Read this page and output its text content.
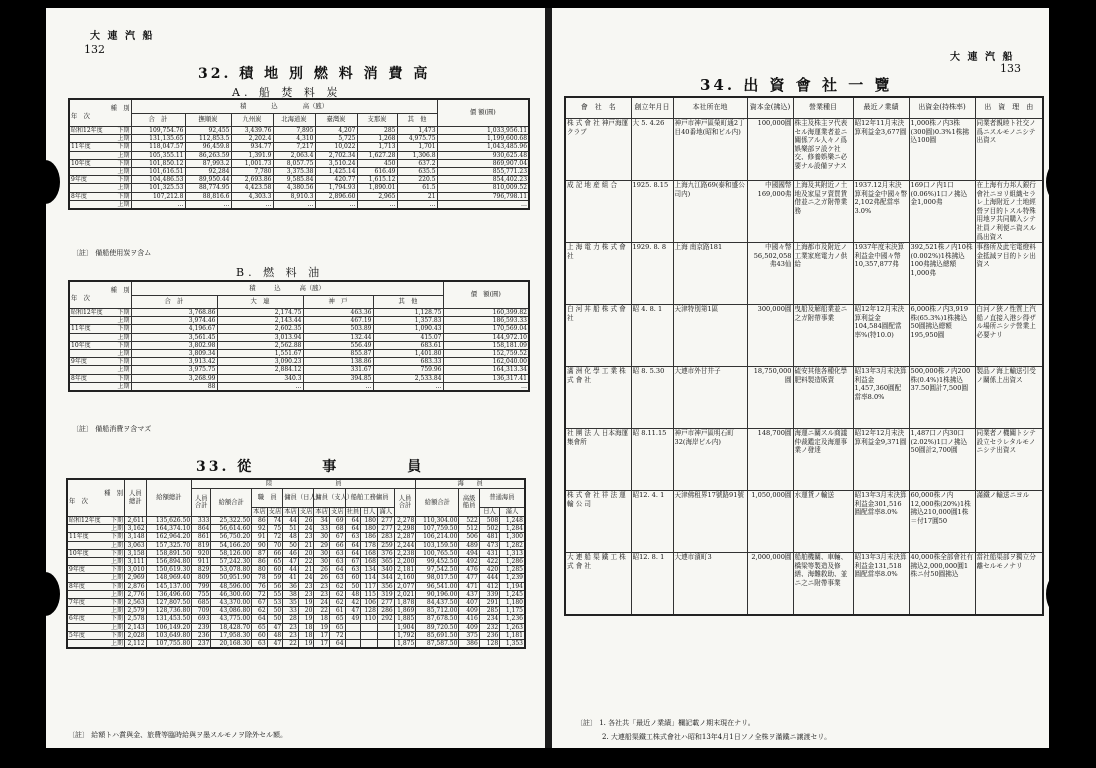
大 連 汽 船
132
32. 積 地 別 燃 料 消 費 高
A. 船 焚 料 炭
種　別
年　次	積　　　　込　　　　高（瓲）							價 額(圓)
	合　計	撫順炭	九州炭	北海道炭	臺灣炭	支那炭	其　他	
昭和12年度 下期	109,754.76	92,455	3,439.76	7,895	4,207	285	1,473	1,033,956.11

上期	131,135.65	112,853.5	2,202.4	4,310	5,725	1,268	4,975.75	1,199,600.68
11年度 下期	118,047.57	96,459.8	934.77	7,217	10,022	1,713	1,701	1,043,485.96

上期	105,355.11	86,263.59	1,391.9	2,063.4	2,702.34	1,627.28	1,306.8	930,625.48
10年度 下期	101,850.12	87,993.2	1,001.73	8,057.75	3,510.24	450	637.2	869,907.04

上期	101,616.51	92,284	7,780	3,375.38	1,425.14	616.49	635.5	855,771.23
9年度 下期	104,486.53	89,950.44	2,693.86	9,585.84	420.77	1,615.12	220.5	854,402.23

上期	101,325.53	88,774.95	4,423.58	4,380.56	1,794.93	1,890.01	61.5	810,009.52
8年度 下期	107,212.8	88,816.6	4,303.3	8,910.3	2,896.60	2,965	21	796,798.11

上期	…	…	…	…	…	…	…	…
〔註〕 備船使用炭ヲ含ム
B. 燃 料 油
種　別
年　次	積　　　込　　　高（瓲）				價　額(圓)
	合　計	大　連	神　戸	其　他	
昭和12年度 下期	3,768.86	2,174.75	463.36	1,128.75	160,399.82

上期	3,974.46	2,143.44	467.19	1,357.83	186,593.33
11年度 下期	4,196.67	2,602.35	503.89	1,090.43	170,569.04

上期	3,561.45	3,013.94	132.44	415.07	144,972.10
10年度 下期	3,802.98	2,562.88	556.49	683.61	158,181.09

上期	3,809.34	1,551.67	855.87	1,401.80	152,759.52
9年度 下期	3,913.42	3,090.23	138.86	683.33	162,040.00

上期	3,975.75	2,884.12	331.67	759.96	164,313.34
8年度 下期	3,268.99	340.3	394.85	2,533.84	136,317.41

上期	88	…	…	…	…
〔註〕 備船消費ヲ含マズ
33. 從　　　　事　　　　員
種　別
年　次	人員總計	給額總計	陸　　　　　　　　　　員												海　　員			
			人員合計	給額合計	職　員		傭員（日人）		傭員（支人）		船舶工務傭員			人員合計	給額合計	高級船員	普通海員	
					本店	支店	本店	支店	本店	支店	社員	日人	滿人				日人	滿人
昭和12年度 下期	2,611	135,626.50	333	25,322.50	86	74	44	26	34	69	64	180	277	2,278	110,304.00	522	508	1,248

上期	3,162	164,374.10	864	56,614.60	92	75	51	24	33	68	64	180	277	2,298	107,759.50	512	502	1,284
11年度 下期	3,148	162,964.20	861	56,750.20	91	72	48	23	30	67	63	186	283	2,287	106,214.00	506	481	1,300

上期	3,063	157,325.70	819	54,166.20	90	70	50	21	29	66	64	178	259	2,244	103,159.50	489	473	1,282
10年度 下期	3,158	158,891.50	920	58,126.00	87	66	46	20	30	63	64	168	376	2,238	100,765.50	494	431	1,313

上期	3,111	156,894.80	911	57,242.30	86	65	47	22	30	63	67	168	365	2,200	99,452.50	492	422	1,286
9年度 下期	3,010	150,619.30	829	53,078.80	80	60	44	21	26	64	63	134	340	2,181	97,542.50	476	420	1,285

上期	2,969	148,969.40	809	50,951.90	78	59	41	24	26	63	60	114	344	2,160	98,017.50	477	444	1,239
8年度 下期	2,876	145,137.00	799	48,596.00	76	56	36	23	23	62	50	117	356	2,077	96,541.00	471	412	1,194

上期	2,776	136,496.60	755	46,300.60	72	55	38	23	23	62	48	115	319	2,021	90,196.00	437	339	1,245
7年度 下期	2,563	127,807.50	685	43,370.00	67	53	35	19	24	62	42	106	277	1,878	84,437.50	407	291	1,180

上期	2,579	128,736.80	709	43,086.80	62	50	33	20	22	61	47	128	286	1,869	85,712.00	409	285	1,175
6年度 下期	2,578	131,453.50	693	43,775.00	64	50	28	19	18	65	49	110	292	1,885	87,678.50	416	234	1,236

上期	2,143	106,149.20	239	18,428.70	65	47	23	18	19	65				1,904	89,720.50	409	232	1,263
5年度 下期	2,028	103,649.80	236	17,958.30	60	48	23	18	17	72				1,792	85,691.50	375	236	1,181

上期	2,112	107,755.80	237	20,168.30	63	47	22	19	17	64				1,875	87,587.50	386	128	1,353
〔註〕 給額トハ賞與金、旅費等臨時給與ヲ墨スルモノヲ除外セル額。
大 連 汽 船
133
34. 出 資 會 社 一 覽
會　社　名	創立年月日	本社所在地	資本金(拂込)	營業種目	最近ノ業績	出資金(持株率)	出　資　理　由
株 式 會 社 神戸海運クラブ	大 5. 4.26	神戸市神戸區榮町通2丁目40番地(昭和ビル内)	100,000圓	株主及株主ヲ代表セル海運業者並ニ關係アル人々ノ爲娯樂部ヲ設ケ社交、修養娯樂ニ必要ナル設備ヲナス	昭12年11月末決算利益金3,677圓	1,000株ノ内3株(300圓)0.3%1株拂込100圓	同業者親睦ト社交ノ爲ニスルモノニシテ出資ス
成 記 地 産 組 合	1925. 8.15	上海九江路69(泰和盛公司内)	中國國幣169,000弗	上海及其附近ノ土地及家屋ヲ賣買賃借並ニ之ガ附帶業務	1937.12月末決算利益金中國々幣2,102弗配當率3.0%	169口ノ内1口(0.06%)1口ノ拂込金1,000弗	在上海有力邦人銀行會社ニヨリ組織セラレ上海附近ノ土地經營ヲ目的トスル特殊用地ヲ共同購入シテ社員ノ利便ニ資スル爲出資ス
上 海 電 力 株 式 會 社	1929. 8. 8	上海 南京路181	中國々幣56,502,058弗43仙	上海都市及附近ノ工業家庭電力ノ供給	1937年度末決算利益金中國々幣10,357,877弗	392,521株ノ内10株(0.002%)1株拂込100弗拂込總額1,000弗	事務所及此宅電燈料金抵減ヲ目的トシ出資ス
白 河 丼 船 株 式 會 社	昭 4. 8. 1	天津特別第1區	300,000圓	曳船及解船業並ニ之ガ附帶事業	昭12年12月末決算利益金104,584圓配當率%(特10.0)	6,000株ノ内3,919株(65.3%)1株拂込50圓拂込總額195,950圓	白河ノ狹ノ性質上汽船ノ直接入港シ得ザル場所ニシテ營業上必要ナリ
滿 洲 化 學 工 業 株 式 會 社	昭 8. 5.30	大連市外甘井子	18,750,000圓	硫安其他各種化學肥料製造販賣	昭13年3月末決算利益金1,457,360圓配當率8.0%	500,000株ノ内200株(0.4%)1株拂込37.50圓計7,500圓	製品ノ海上輸送引受ノ關係上出資ス
社 團 法 人 日本海運集會所	昭 8.11.15	神戸市神戸區明石町32(海岸ビル内)	148,700圓	海運ニ關スル商議仲裁鑑定及海運事業ノ發達	昭12年12月末決算利益金9,371圓	1,487口ノ内30口(2.02%)1口ノ拂込50圓計2,700圓	同業者ノ機關トシテ設立セラレタルモノニシテ出資ス
株 式 會 社 祥 法 運 輸 公 司	昭12. 4. 1	天津佛租界17號路91號	1,050,000圓	水運貨ノ輸送	昭13年3月末決算利益金301,516圓配當率8.0%	60,000株ノ内12,000株(20%)1株拂込210,000圓1株＝付17圓50	滿鐵ノ輸送ニヨル
大 連 船 渠 鐵 工 株 式 會 社	昭12. 8. 1	大連市濱町3	2,000,000圓	船舶機關、車輛、橋梁等製造及修繕、海難救助、並ニ之ニ附帶事業	昭13年3月末決算利益金131,518圓配當率8.0%	40,000株全部會社有拂込2,000,000圓1株ニ付50圓拂込	當社船渠部ヲ獨立分離セルモノナリ
〔註〕 1. 各社共「最近ノ業績」欄記載ノ期末現在ナリ。
2. 大連船渠鐵工株式會社ハ昭和13年4月1日ソノ全株ヲ滿鐵ニ譲渡セリ。
